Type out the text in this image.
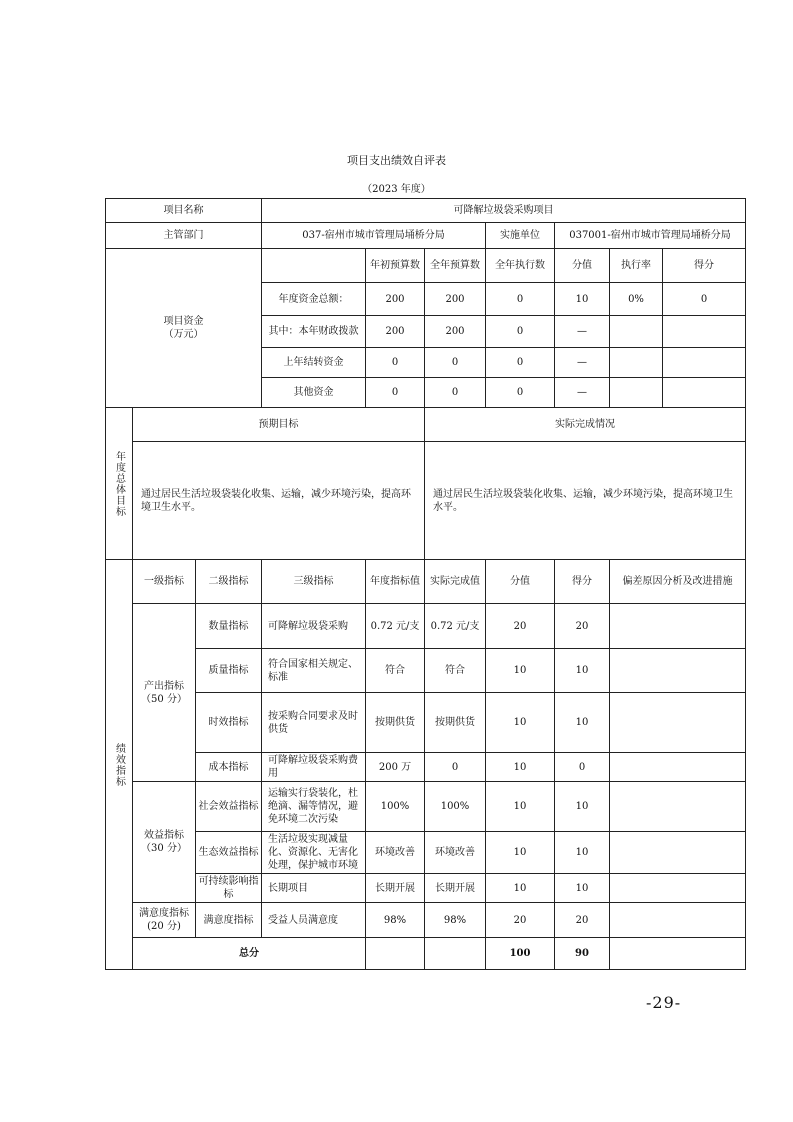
项目支出绩效自评表
（2023 年度）
项目名称			可降解垃圾袋采购项目						
主管部门			037-宿州市城市管理局埇桥分局			实施单位	037001-宿州市城市管理局埇桥分局		

项目资金
（万元）				年初预算数	全年预算数	全年执行数	分值	执行率	得分
			年度资金总额：	200	200	0	10	0%	0
			其中：本年财政拨款	200	200	0	—		
			上年结转资金	0	0	0	—		
			其他资金	0	0	0	—		
年度总体目标	预期目标				实际完成情况				
	通过居民生活垃圾袋装化收集、运输，减少环境污染，提高环境卫生水平。				通过居民生活垃圾袋装化收集、运输，减少环境污染，提高环境卫生水平。				
绩效指标	一级指标	二级指标	三级指标	年度指标值	实际完成值	分值	得分	偏差原因分析及改进措施	
	产出指标（50 分）	数量指标	可降解垃圾袋采购	0.72 元/支	0.72 元/支	20	20		
		质量指标	符合国家相关规定、标准	符合	符合	10	10		
		时效指标	按采购合同要求及时供货	按期供货	按期供货	10	10		
		成本指标	可降解垃圾袋采购费用	200 万	0	10	0		
	效益指标（30 分）	社会效益指标	运输实行袋装化，杜绝滴、漏等情况，避免环境二次污染	100%	100%	10	10		
		生态效益指标	生活垃圾实现减量化、资源化、无害化处理，保护城市环境	环境改善	环境改善	10	10		
		可持续影响指标	长期项目	长期开展	长期开展	10	10		
	满意度指标(20 分)	满意度指标	受益人员满意度	98%	98%	20	20		
	总分					100	90		
-29-
